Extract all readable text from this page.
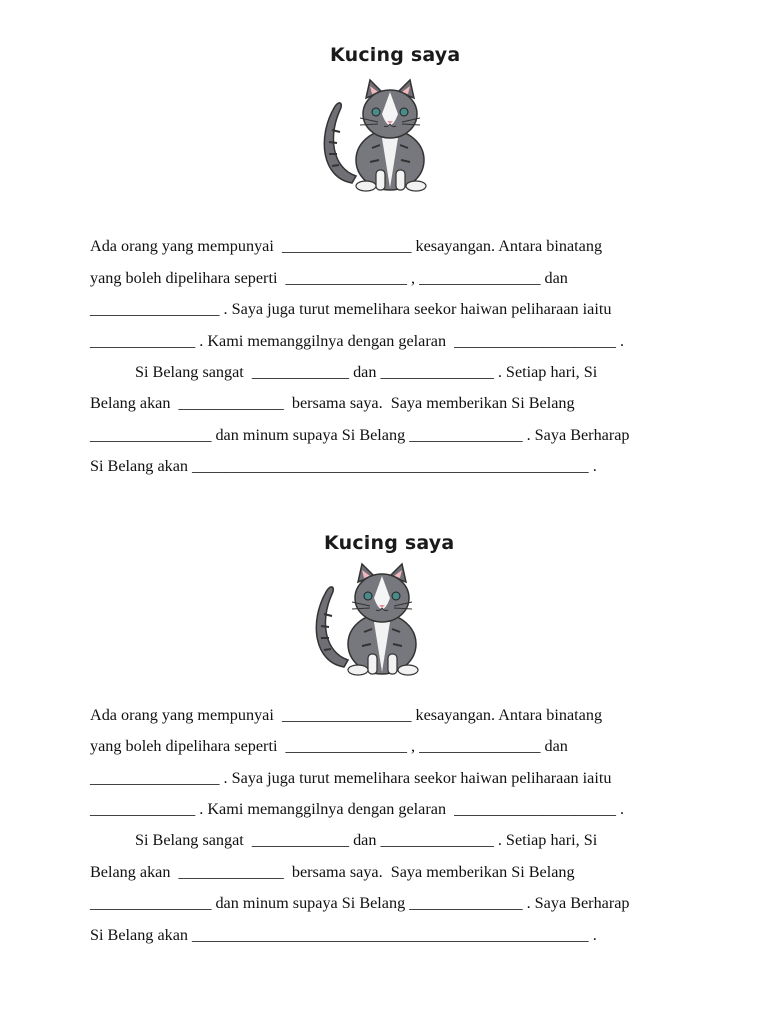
Kucing saya
Ada orang yang mempunyai  ________________ kesayangan. Antara binatang
yang boleh dipelihara seperti  _______________ , _______________ dan
________________ . Saya juga turut memelihara seekor haiwan peliharaan iaitu
_____________ . Kami memanggilnya dengan gelaran  ____________________ .
Si Belang sangat  ____________ dan ______________ . Setiap hari, Si
Belang akan  _____________  bersama saya.  Saya memberikan Si Belang
_______________ dan minum supaya Si Belang ______________ . Saya Berharap
Si Belang akan _________________________________________________ .
Kucing saya
Ada orang yang mempunyai  ________________ kesayangan. Antara binatang
yang boleh dipelihara seperti  _______________ , _______________ dan
________________ . Saya juga turut memelihara seekor haiwan peliharaan iaitu
_____________ . Kami memanggilnya dengan gelaran  ____________________ .
Si Belang sangat  ____________ dan ______________ . Setiap hari, Si
Belang akan  _____________  bersama saya.  Saya memberikan Si Belang
_______________ dan minum supaya Si Belang ______________ . Saya Berharap
Si Belang akan _________________________________________________ .
